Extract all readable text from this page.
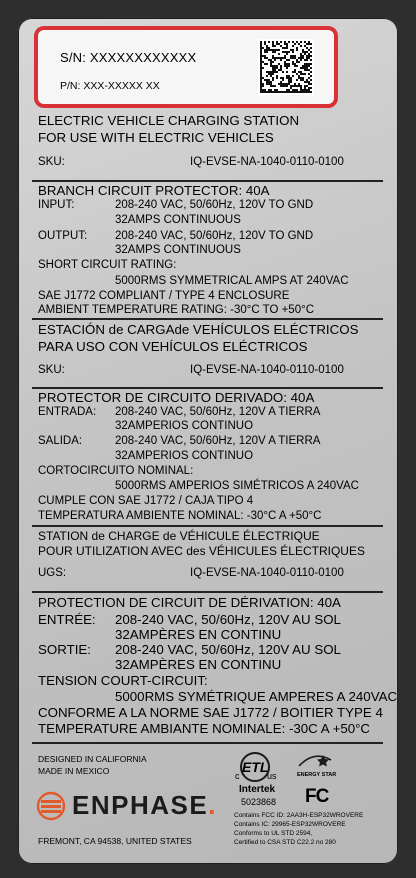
S/N: XXXXXXXXXXXX
P/N: XXX-XXXXX XX
ELECTRIC VEHICLE CHARGING STATION
FOR USE WITH ELECTRIC VEHICLES
SKU:	IQ-EVSE-NA-1040-0110-0100
BRANCH CIRCUIT PROTECTOR: 40A
INPUT:	208-240 VAC, 50/60Hz, 120V TO GND
32AMPS CONTINUOUS
OUTPUT: 208-240 VAC, 50/60Hz, 120V TO GND
32AMPS CONTINUOUS
SHORT CIRCUIT RATING:
5000RMS SYMMETRICAL AMPS AT 240VAC
SAE J1772 COMPLIANT / TYPE 4 ENCLOSURE
AMBIENT TEMPERATURE RATING: -30°C TO +50°C
ESTACIÓN de CARGAde VEHÍCULOS ELÉCTRICOS
PARA USO CON VEHÍCULOS ELÉCTRICOS
SKU:	IQ-EVSE-NA-1040-0110-0100
PROTECTOR DE CIRCUITO DERIVADO: 40A
ENTRADA: 208-240 VAC, 50/60Hz, 120V A TIERRA
32AMPERIOS CONTINUO
SALIDA:	208-240 VAC, 50/60Hz, 120V A TIERRA
32AMPERIOS CONTINUO
CORTOCIRCUITO NOMINAL:
5000RMS AMPERIOS SIMÉTRICOS A 240VAC
CUMPLE CON SAE J1772 / CAJA TIPO 4
TEMPERATURA AMBIENTE NOMINAL: -30°C A +50°C
STATION de CHARGE de VÉHICULE ÉLECTRIQUE
POUR UTILIZATION AVEC des VÉHICULES ÉLECTRIQUES
UGS:	IQ-EVSE-NA-1040-0110-0100
PROTECTION DE CIRCUIT DE DÉRIVATION: 40A
ENTRÉE: 208-240 VAC, 50/60Hz, 120V AU SOL
32AMPÈRES EN CONTINU
SORTIE: 208-240 VAC, 50/60Hz, 120V AU SOL
32AMPÈRES EN CONTINU
TENSION COURT-CIRCUIT:
5000RMS SYMÉTRIQUE AMPERES A 240VAC
CONFORME A LA NORME SAE J1772 / BOITIER TYPE 4
TEMPERATURE AMBIANTE NOMINALE: -30C A +50°C
DESIGNED IN CALIFORNIA
MADE IN MEXICO
ENPHASE .
FREMONT, CA 94538, UNITED STATES
ETL
c	us
Intertek
5023868
ENERGY STAR
FC
Contains FCC ID: 2AA3H-ESP32WROVERE
Contains IC: 29965-ESP32WROVERE
Conforms to UL STD 2594,
Certified to CSA STD C22.2 no 280
